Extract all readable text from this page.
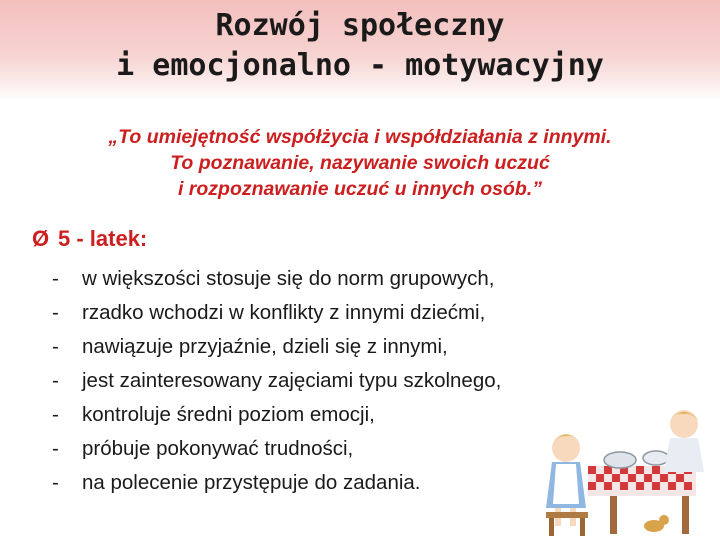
Rozwój społeczny
i emocjonalno - motywacyjny
„To umiejętność współżycia i współdziałania z innymi.
To poznawanie, nazywanie swoich uczuć
i rozpoznawanie uczuć u innych osób.”
Ø 5 - latek:
- w większości stosuje się do norm grupowych,
- rzadko wchodzi w konflikty z innymi dziećmi,
- nawiązuje przyjaźnie, dzieli się z innymi,
- jest zainteresowany zajęciami typu szkolnego,
- kontroluje średni poziom emocji,
- próbuje pokonywać trudności,
- na polecenie przystępuje do zadania.
